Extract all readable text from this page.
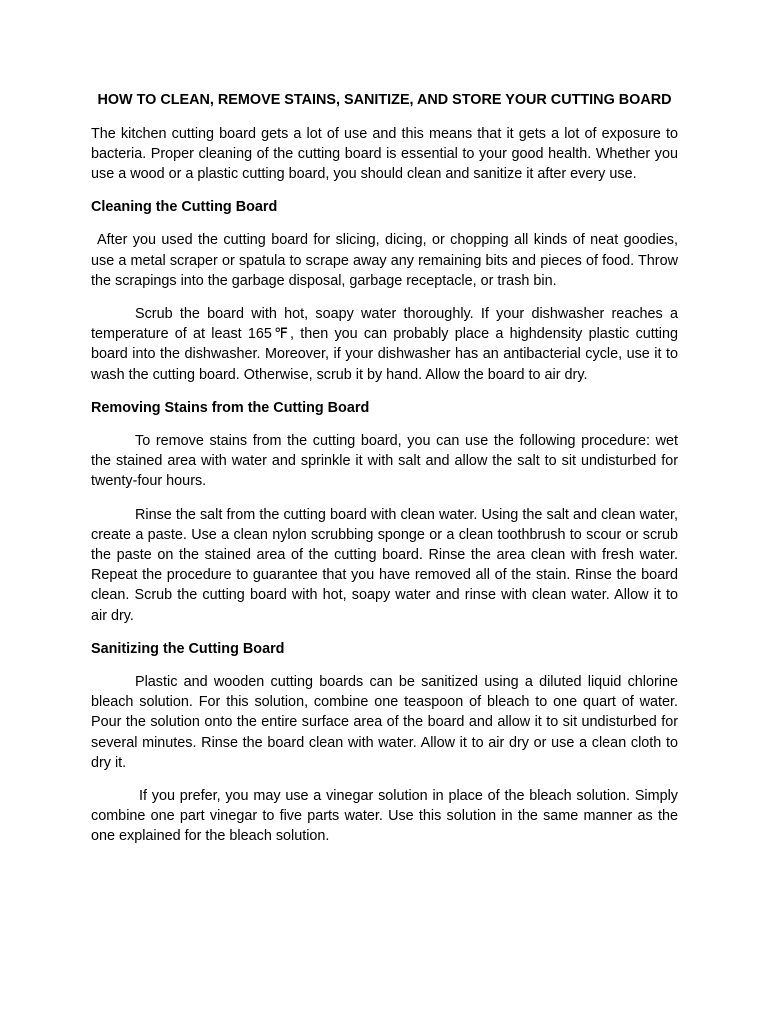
HOW TO CLEAN, REMOVE STAINS, SANITIZE, AND STORE YOUR CUTTING BOARD

The kitchen cutting board gets a lot of use and this means that it gets a lot of exposure to bacteria. Proper cleaning of the cutting board is essential to your good health. Whether you use a wood or a plastic cutting board, you should clean and sanitize it after every use.

Cleaning the Cutting Board

After you used the cutting board for slicing, dicing, or chopping all kinds of neat goodies, use a metal scraper or spatula to scrape away any remaining bits and pieces of food. Throw the scrapings into the garbage disposal, garbage receptacle, or trash bin.

Scrub the board with hot, soapy water thoroughly. If your dishwasher reaches a temperature of at least 165℉, then you can probably place a highdensity plastic cutting board into the dishwasher. Moreover, if your dishwasher has an antibacterial cycle, use it to wash the cutting board. Otherwise, scrub it by hand. Allow the board to air dry.

Removing Stains from the Cutting Board

To remove stains from the cutting board, you can use the following procedure: wet the stained area with water and sprinkle it with salt and allow the salt to sit undisturbed for twenty-four hours.

Rinse the salt from the cutting board with clean water. Using the salt and clean water, create a paste. Use a clean nylon scrubbing sponge or a clean toothbrush to scour or scrub the paste on the stained area of the cutting board. Rinse the area clean with fresh water. Repeat the procedure to guarantee that you have removed all of the stain. Rinse the board clean. Scrub the cutting board with hot, soapy water and rinse with clean water. Allow it to air dry.

Sanitizing the Cutting Board

Plastic and wooden cutting boards can be sanitized using a diluted liquid chlorine bleach solution. For this solution, combine one teaspoon of bleach to one quart of water. Pour the solution onto the entire surface area of the board and allow it to sit undisturbed for several minutes. Rinse the board clean with water. Allow it to air dry or use a clean cloth to dry it.

If you prefer, you may use a vinegar solution in place of the bleach solution. Simply combine one part vinegar to five parts water. Use this solution in the same manner as the one explained for the bleach solution.
